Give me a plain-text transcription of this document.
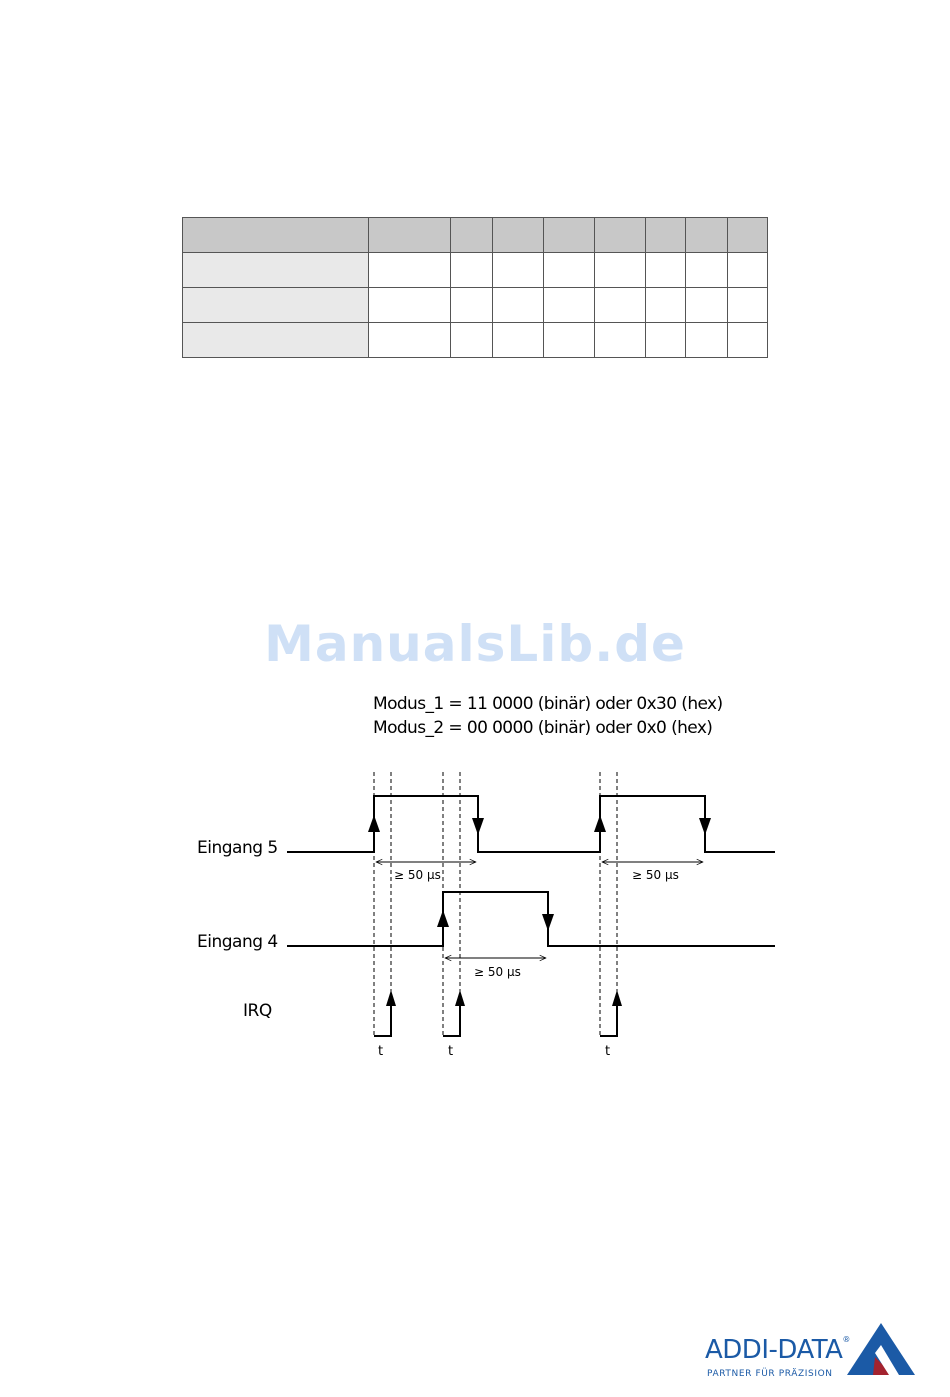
ManualsLib.de
Modus_1 = 11 0000 (binär) oder 0x30 (hex)
Modus_2 = 00 0000 (binär) oder 0x0 (hex)
Eingang 5
Eingang 4
IRQ
≥ 50 µs	≥ 50 µs
≥ 50 µs
t	t	t
ADDI-DATA®
PARTNER FÜR PRÄZISION
